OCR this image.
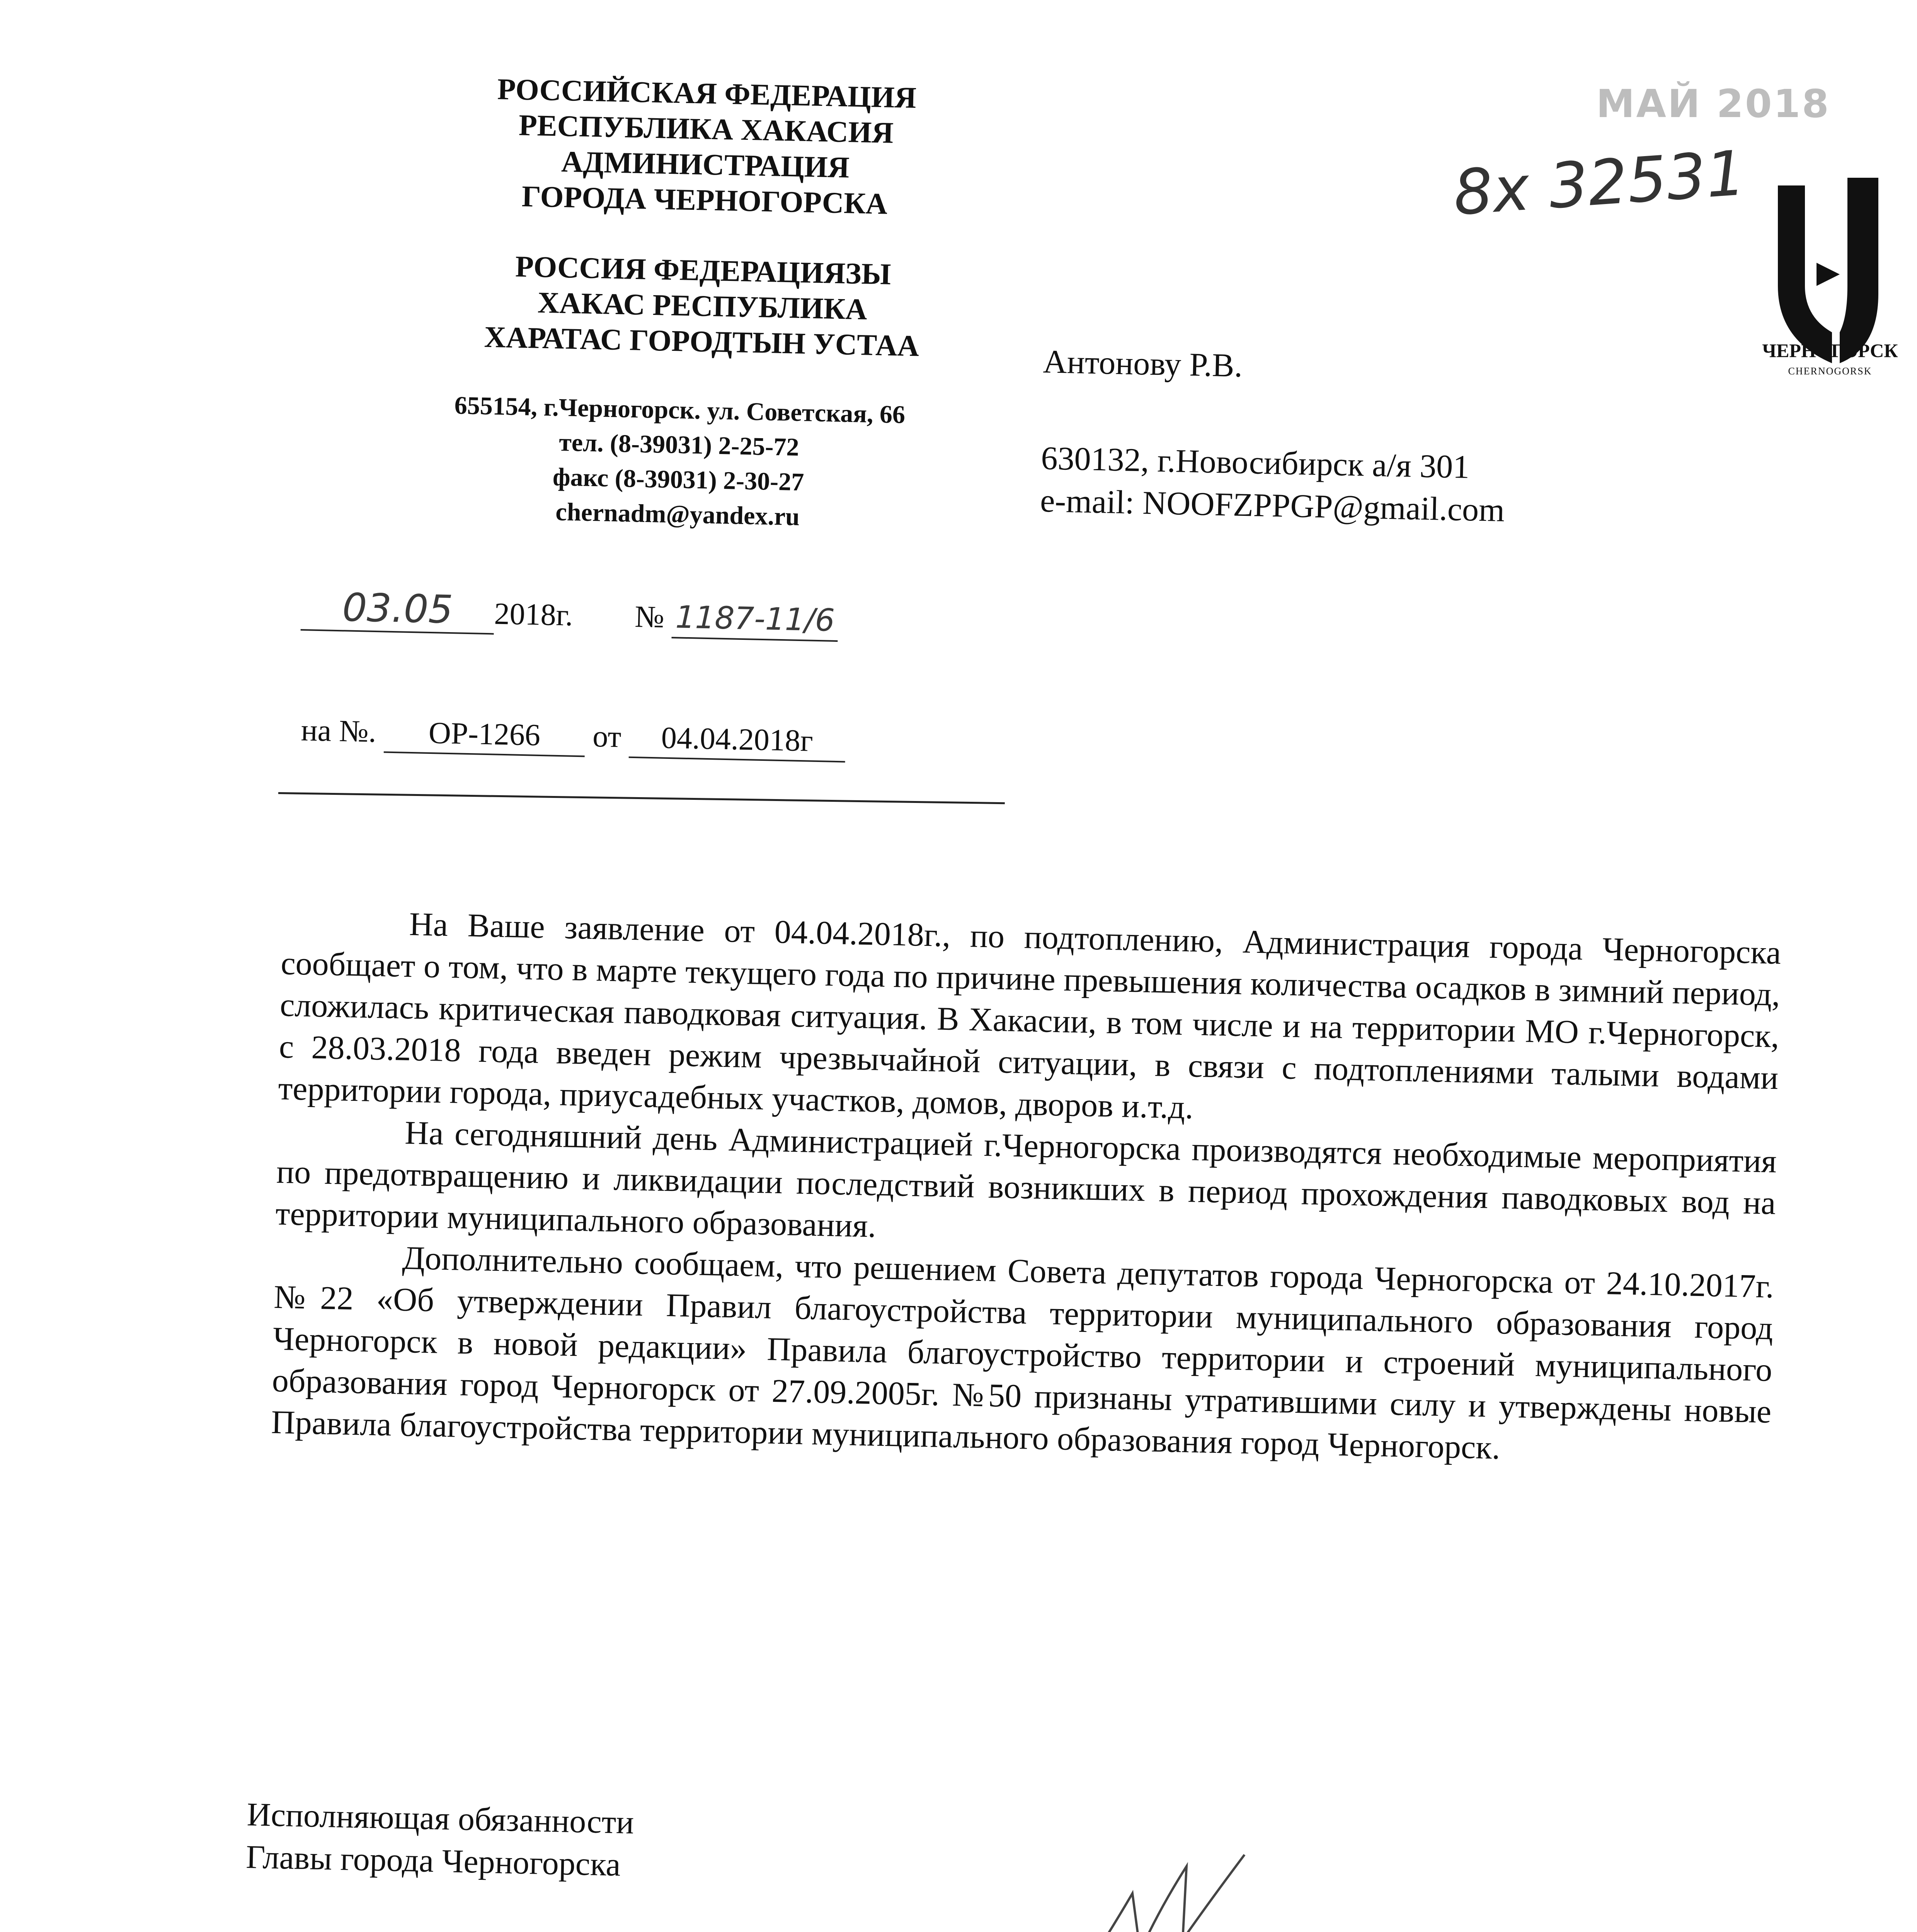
РОССИЙСКАЯ ФЕДЕРАЦИЯ
РЕСПУБЛИКА ХАКАСИЯ
АДМИНИСТРАЦИЯ
ГОРОДА ЧЕРНОГОРСКА
РОССИЯ ФЕДЕРАЦИЯЗЫ
ХАКАС РЕСПУБЛИКА
ХАРАТАС ГОРОДТЫН УСТАА
655154, г.Черногорск. ул. Советская, 66
тел. (8-39031) 2-25-72
факс (8-39031) 2-30-27
chernadm@yandex.ru
03.05 2018г. № 1187-11/6
на №. ОР-1266 от 04.04.2018г
МАЙ 2018
8х 32531
ЧЕРНОГОРСК
CHERNOGORSK
Антонову Р.В.
630132, г.Новосибирск а/я 301
e-mail: NOOFZPPGP@gmail.com

На Ваше заявление от 04.04.2018г., по подтоплению, Администрация города Черногорска сообщает о том, что в марте текущего года по причине превышения количества осадков в зимний период, сложилась критическая паводковая ситуация. В Хакасии, в том числе и на территории МО г.Черногорск, с 28.03.2018 года введен режим чрезвычайной ситуации, в связи с подтоплениями талыми водами территории города, приусадебных участков, домов, дворов и.т.д.

На сегодняшний день Администрацией г.Черногорска производятся необходимые мероприятия по предотвращению и ликвидации последствий возникших в период прохождения паводковых вод на территории муниципального образования.

Дополнительно сообщаем, что решением Совета депутатов города Черногорска от 24.10.2017г. №22 «Об утверждении Правил благоустройства территории муниципального образования город Черногорск в новой редакции» Правила благоустройство территории и строений муниципального образования город Черногорск от 27.09.2005г. №50 признаны утратившими силу и утверждены новые Правила благоустройства территории муниципального образования город Черногорск.

Исполняющая обязанности
Главы города Черногорска
